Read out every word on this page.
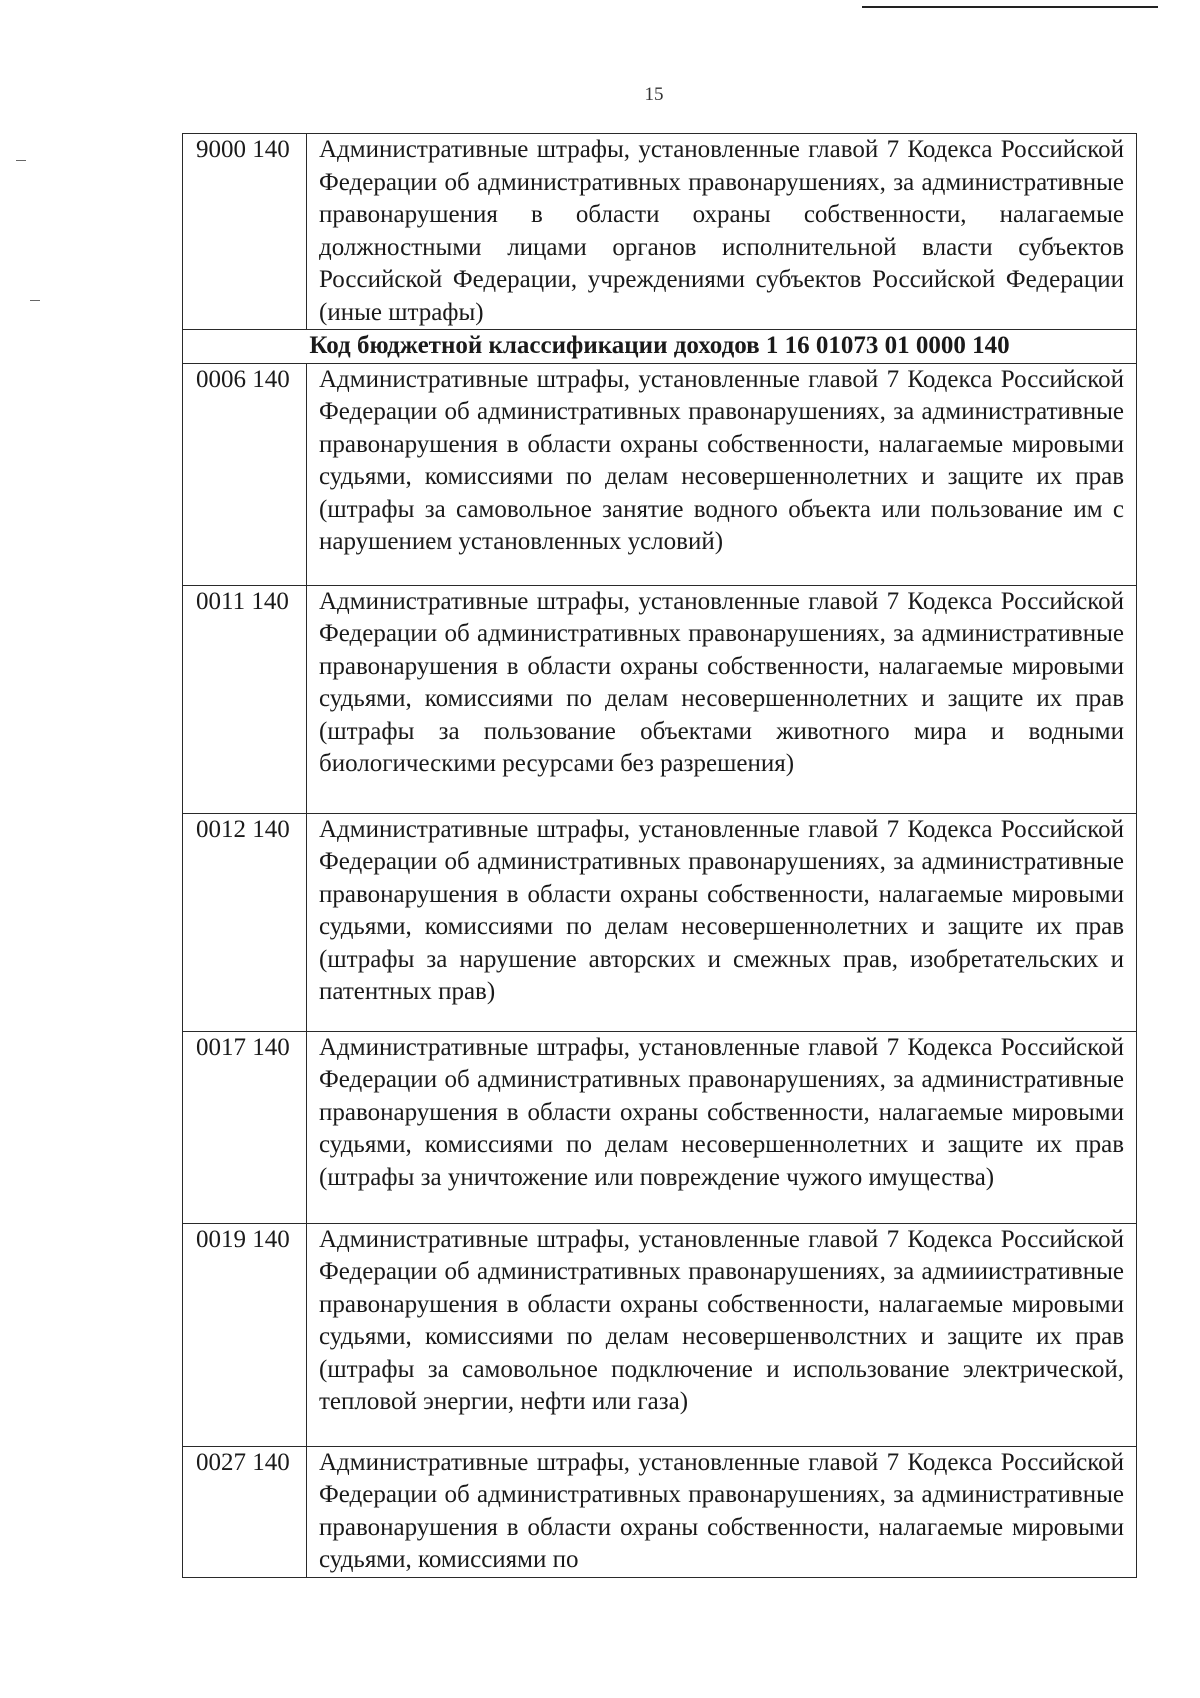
15
9000 140	Административные штрафы, установленные главой 7 Кодекса Российской Федерации об административных правонарушениях, за административные правонарушения в области охраны собственности, налагаемые должностными лицами органов исполнительной власти субъектов Российской Федерации, учреждениями субъектов Российской Федерации (иные штрафы)
Код бюджетной классификации доходов 1 16 01073 01 0000 140	
0006 140	Административные штрафы, установленные главой 7 Кодекса Российской Федерации об административных правонарушениях, за административные правонарушения в области охраны собственности, налагаемые мировыми судьями, комиссиями по делам несовершеннолетних и защите их прав (штрафы за самовольное занятие водного объекта или пользование им с нарушением установленных условий)
0011 140	Административные штрафы, установленные главой 7 Кодекса Российской Федерации об административных правонарушениях, за административные правонарушения в области охраны собственности, налагаемые мировыми судьями, комиссиями по делам несовершеннолетних и защите их прав (штрафы за пользование объектами животного мира и водными биологическими ресурсами без разрешения)
0012 140	Административные штрафы, установленные главой 7 Кодекса Российской Федерации об административных правонарушениях, за административные правонарушения в области охраны собственности, налагаемые мировыми судьями, комиссиями по делам несовершеннолетних и защите их прав (штрафы за нарушение авторских и смежных прав, изобретательских и патентных прав)
0017 140	Административные штрафы, установленные главой 7 Кодекса Российской Федерации об административных правонарушениях, за административные правонарушения в области охраны собственности, налагаемые мировыми судьями, комиссиями по делам несовершеннолетних и защите их прав (штрафы за уничтожение или повреждение чужого имущества)
0019 140	Административные штрафы, установленные главой 7 Кодекса Российской Федерации об административных правонарушениях, за адмииистративные правонарушения в области охраны собственности, налагаемые мировыми судьями, комиссиями по делам несовершенволстних и защите их прав (штрафы за самовольное подключение и использование электрической, тепловой энергии, нефти или газа)
0027 140	Административные штрафы, установленные главой 7 Кодекса Российской Федерации об административных правонарушениях, за административные правонарушения в области охраны собственности, налагаемые мировыми судьями, комиссиями по
